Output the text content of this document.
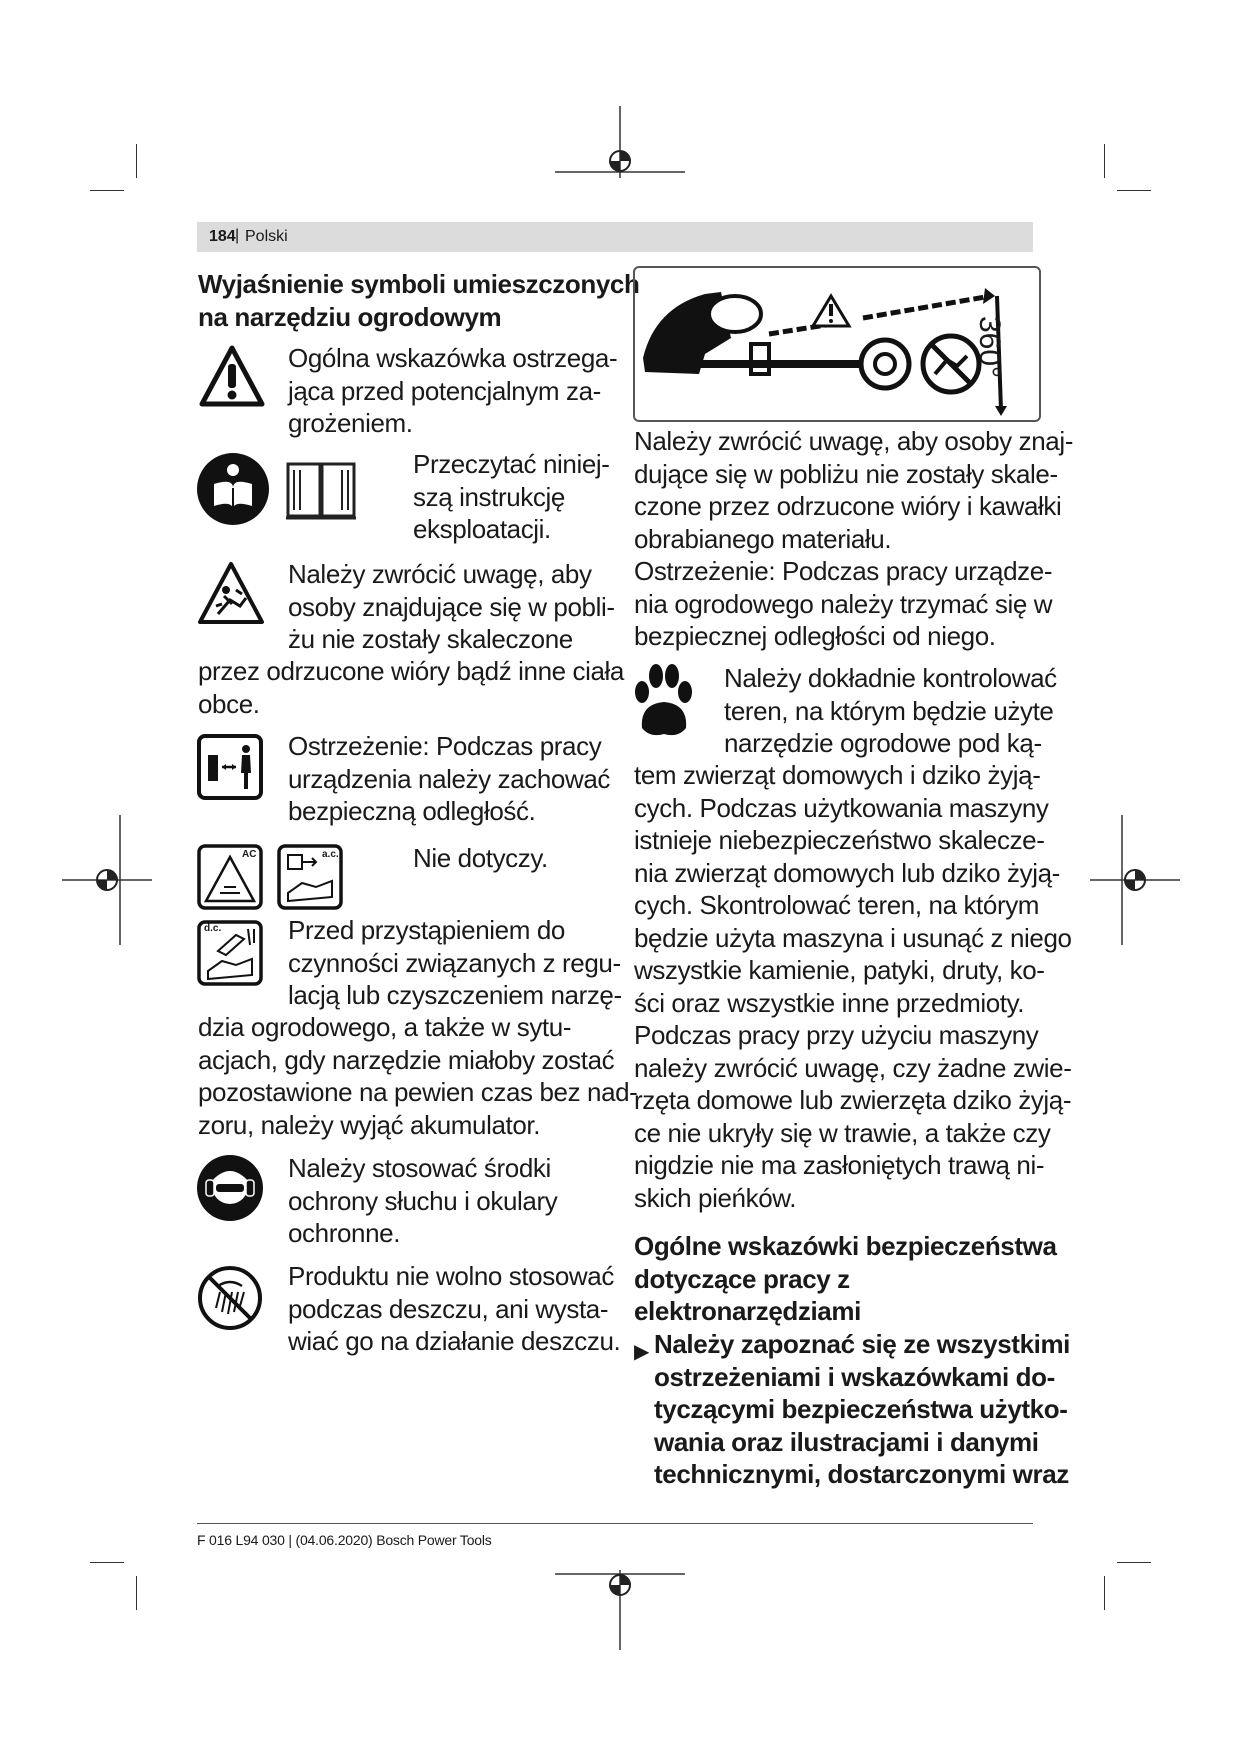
184 | Polski
Wyjaśnienie symboli umieszczonych
na narzędziu ogrodowym
Ogólna wskazówka ostrzega-
jąca przed potencjalnym za-
grożeniem.
Przeczytać niniej-
szą instrukcję
eksploatacji.
Należy zwrócić uwagę, aby
osoby znajdujące się w pobli-
żu nie zostały skaleczone
przez odrzucone wióry bądź inne ciała
obce.
Ostrzeżenie: Podczas pracy
urządzenia należy zachować
bezpieczną odległość.
AC	a.c.	Nie dotyczy.
d.c.	Przed przystąpieniem do
czynności związanych z regu-
lacją lub czyszczeniem narzę-
dzia ogrodowego, a także w sytu-
acjach, gdy narzędzie miałoby zostać
pozostawione na pewien czas bez nad-
zoru, należy wyjąć akumulator.
Należy stosować środki
ochrony słuchu i okulary
ochronne.
Produktu nie wolno stosować
podczas deszczu, ani wysta-
wiać go na działanie deszczu.
360°
Należy zwrócić uwagę, aby osoby znaj-
dujące się w pobliżu nie zostały skale-
czone przez odrzucone wióry i kawałki
obrabianego materiału.
Ostrzeżenie: Podczas pracy urządze-
nia ogrodowego należy trzymać się w
bezpiecznej odległości od niego.
Należy dokładnie kontrolować
teren, na którym będzie użyte
narzędzie ogrodowe pod ką-
tem zwierząt domowych i dziko żyją-
cych. Podczas użytkowania maszyny
istnieje niebezpieczeństwo skalecze-
nia zwierząt domowych lub dziko żyją-
cych. Skontrolować teren, na którym
będzie użyta maszyna i usunąć z niego
wszystkie kamienie, patyki, druty, ko-
ści oraz wszystkie inne przedmioty.
Podczas pracy przy użyciu maszyny
należy zwrócić uwagę, czy żadne zwie-
rzęta domowe lub zwierzęta dziko żyją-
ce nie ukryły się w trawie, a także czy
nigdzie nie ma zasłoniętych trawą ni-
skich pieńków.
Ogólne wskazówki bezpieczeństwa
dotyczące pracy z
elektronarzędziami
▶ Należy zapoznać się ze wszystkimi
ostrzeżeniami i wskazówkami do-
tyczącymi bezpieczeństwa użytko-
wania oraz ilustracjami i danymi
technicznymi, dostarczonymi wraz
F 016 L94 030 | (04.06.2020) Bosch Power Tools
